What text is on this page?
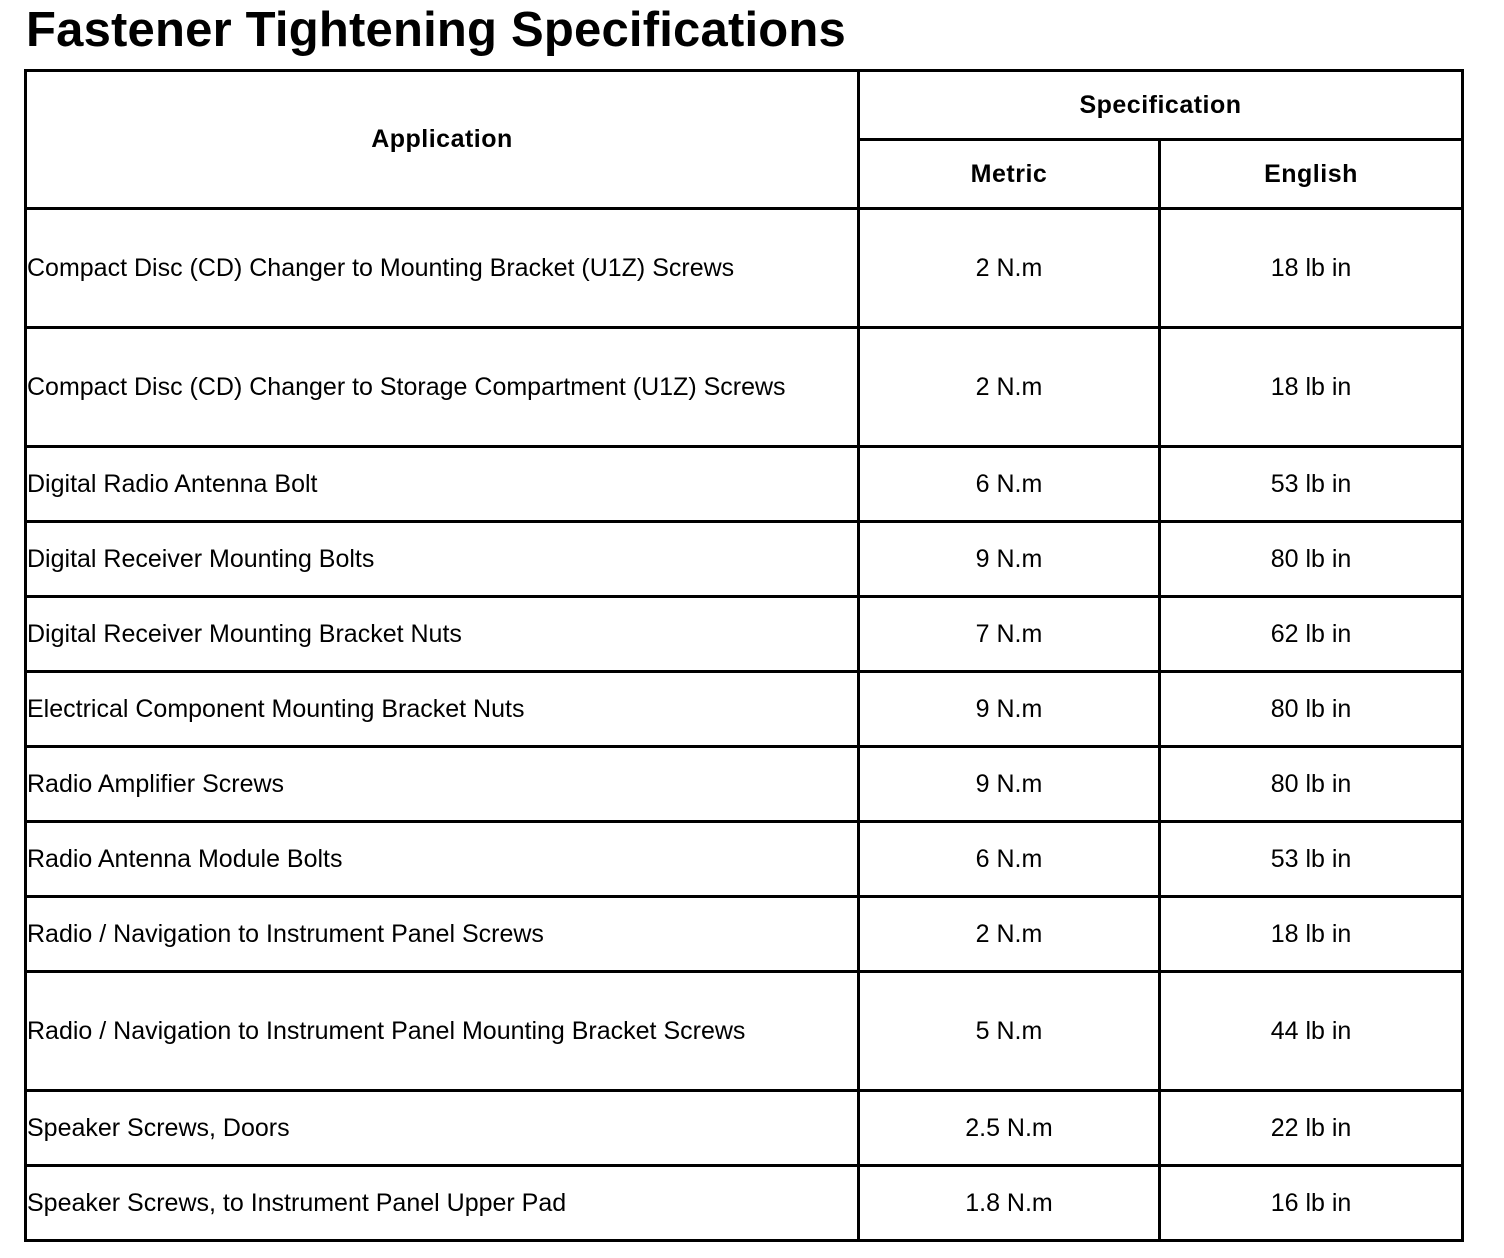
Fastener Tightening Specifications
Application	Specification	
	Metric	English
Compact Disc (CD) Changer to Mounting Bracket (U1Z) Screws	2 N.m	18 lb in
Compact Disc (CD) Changer to Storage Compartment (U1Z) Screws	2 N.m	18 lb in
Digital Radio Antenna Bolt	6 N.m	53 lb in
Digital Receiver Mounting Bolts	9 N.m	80 lb in
Digital Receiver Mounting Bracket Nuts	7 N.m	62 lb in
Electrical Component Mounting Bracket Nuts	9 N.m	80 lb in
Radio Amplifier Screws	9 N.m	80 lb in
Radio Antenna Module Bolts	6 N.m	53 lb in
Radio / Navigation to Instrument Panel Screws	2 N.m	18 lb in
Radio / Navigation to Instrument Panel Mounting Bracket Screws	5 N.m	44 lb in
Speaker Screws, Doors	2.5 N.m	22 lb in
Speaker Screws, to Instrument Panel Upper Pad	1.8 N.m	16 lb in
